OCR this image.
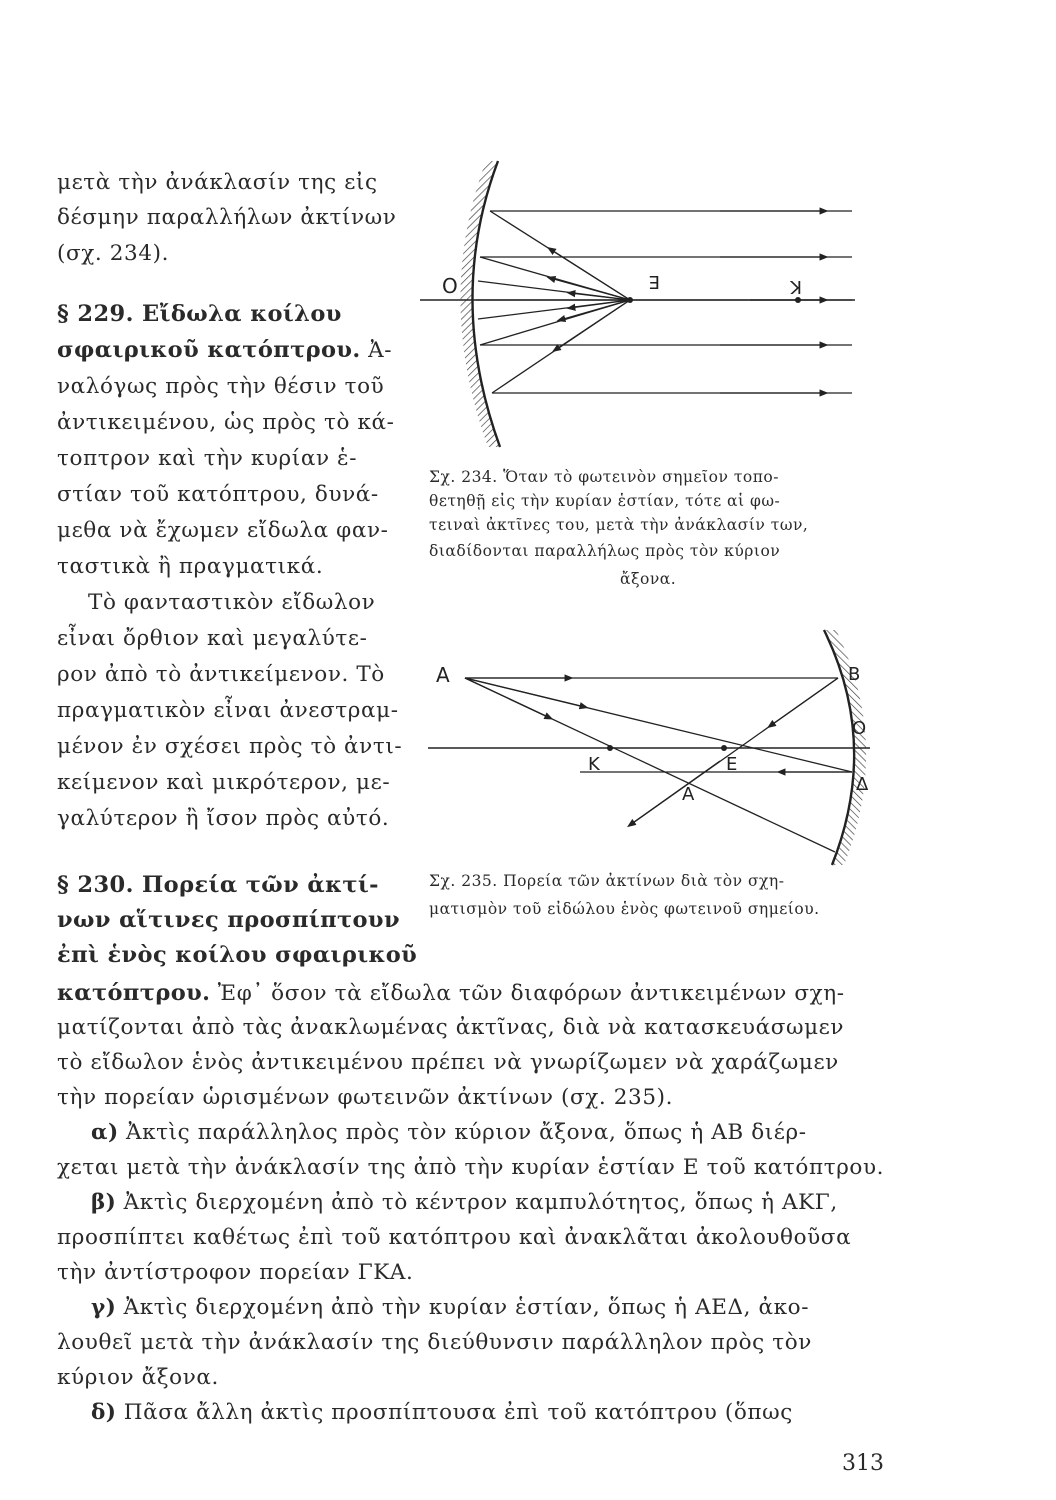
μετὰ τὴν ἀνάκλασίν της εἰς
δέσμην παραλλήλων ἀκτίνων
(σχ. 234).
§ 229. Εἴδωλα κοίλου
σφαιρικοῦ κατόπτρου. Ἀ-
ναλόγως πρὸς τὴν θέσιν τοῦ
ἀντικειμένου, ὡς πρὸς τὸ κά-
τοπτρον καὶ τὴν κυρίαν ἑ-
στίαν τοῦ κατόπτρου, δυνά-
μεθα νὰ ἔχωμεν εἴδωλα φαν-
ταστικὰ ἢ πραγματικά.
Τὸ φανταστικὸν εἴδωλον
εἶναι ὄρθιον καὶ μεγαλύτε-
ρον ἀπὸ τὸ ἀντικείμενον. Τὸ
πραγματικὸν εἶναι ἀνεστραμ-
μένον ἐν σχέσει πρὸς τὸ ἀντι-
κείμενον καὶ μικρότερον, με-
γαλύτερον ἢ ἴσον πρὸς αὐτό.
§ 230. Πορεία τῶν ἀκτί-
νων αἵτινες προσπίπτουν
ἐπὶ ἑνὸς κοίλου σφαιρικοῦ
O	Ε	Κ
Σχ. 234. Ὅταν τὸ φωτεινὸν σημεῖον τοπο-
θετηθῇ εἰς τὴν κυρίαν ἑστίαν, τότε αἱ φω-
τειναὶ ἀκτῖνες του, μετὰ τὴν ἀνάκλασίν των,
διαδίδονται παραλλήλως πρὸς τὸν κύριον
ἄξονα.
Α	Β
Ο
Κ	Ε
Δ
Α
Σχ. 235. Πορεία τῶν ἀκτίνων διὰ τὸν σχη-
ματισμὸν τοῦ εἰδώλου ἑνὸς φωτεινοῦ σημείου.
κατόπτρου. Ἐφ᾽ ὅσον τὰ εἴδωλα τῶν διαφόρων ἀντικειμένων σχη-
ματίζονται ἀπὸ τὰς ἀνακλωμένας ἀκτῖνας, διὰ νὰ κατασκευάσωμεν
τὸ εἴδωλον ἑνὸς ἀντικειμένου πρέπει νὰ γνωρίζωμεν νὰ χαράζωμεν
τὴν πορείαν ὡρισμένων φωτεινῶν ἀκτίνων (σχ. 235).
α) Ἀκτὶς παράλληλος πρὸς τὸν κύριον ἄξονα, ὅπως ἡ ΑΒ διέρ-
χεται μετὰ τὴν ἀνάκλασίν της ἀπὸ τὴν κυρίαν ἑστίαν Ε τοῦ κατόπτρου.
β) Ἀκτὶς διερχομένη ἀπὸ τὸ κέντρον καμπυλότητος, ὅπως ἡ ΑΚΓ,
προσπίπτει καθέτως ἐπὶ τοῦ κατόπτρου καὶ ἀνακλᾶται ἀκολουθοῦσα
τὴν ἀντίστροφον πορείαν ΓΚΑ.
γ) Ἀκτὶς διερχομένη ἀπὸ τὴν κυρίαν ἑστίαν, ὅπως ἡ ΑΕΔ, ἀκο-
λουθεῖ μετὰ τὴν ἀνάκλασίν της διεύθυνσιν παράλληλον πρὸς τὸν
κύριον ἄξονα.
δ) Πᾶσα ἄλλη ἀκτὶς προσπίπτουσα ἐπὶ τοῦ κατόπτρου (ὅπως
313
